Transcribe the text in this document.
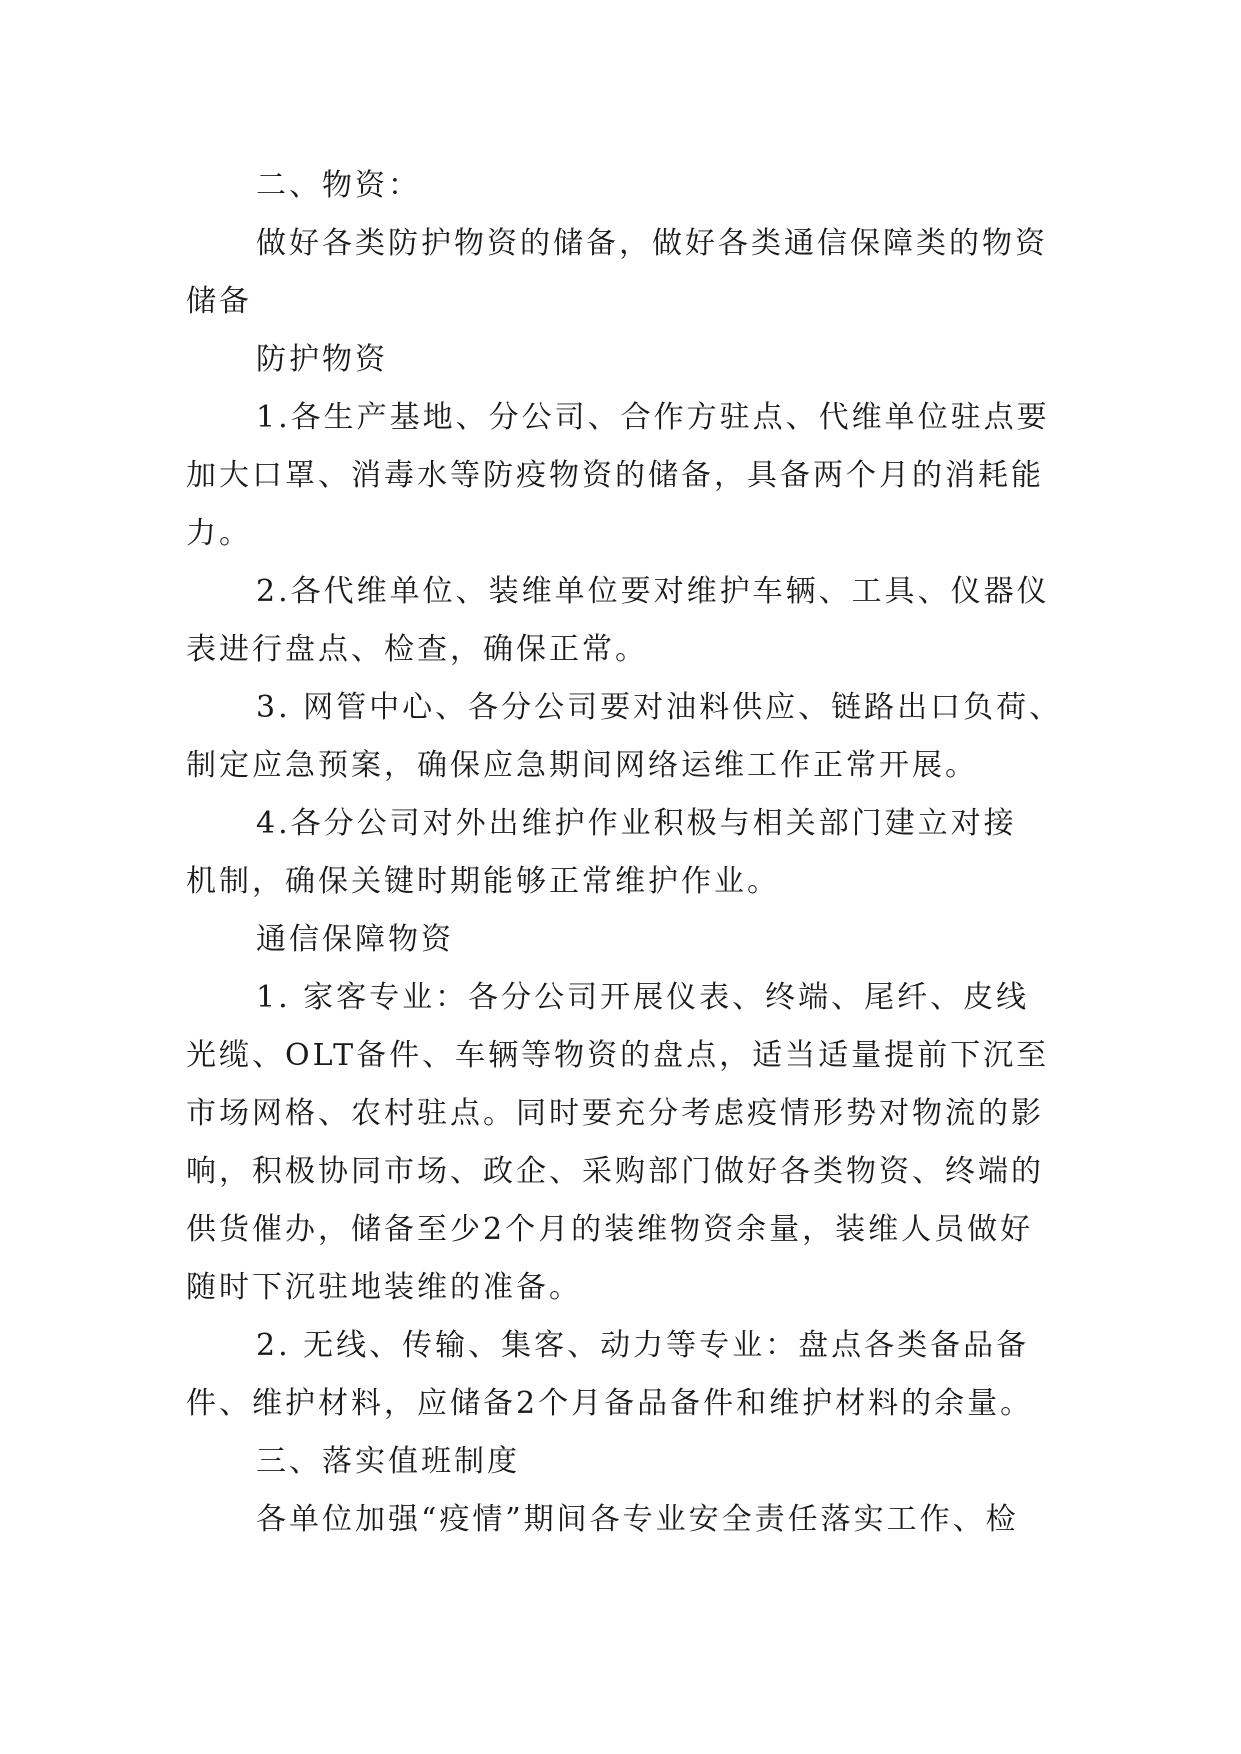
二、物资：
做好各类防护物资的储备，做好各类通信保障类的物资
储备
防护物资
1.各生产基地、分公司、合作方驻点、代维单位驻点要
加大口罩、消毒水等防疫物资的储备，具备两个月的消耗能
力。
2.各代维单位、装维单位要对维护车辆、工具、仪器仪
表进行盘点、检查，确保正常。
3. 网管中心、各分公司要对油料供应、链路出口负荷、
制定应急预案，确保应急期间网络运维工作正常开展。
4.各分公司对外出维护作业积极与相关部门建立对接
机制，确保关键时期能够正常维护作业。
通信保障物资
1. 家客专业：各分公司开展仪表、终端、尾纤、皮线
光缆、OLT备件、车辆等物资的盘点，适当适量提前下沉至
市场网格、农村驻点。同时要充分考虑疫情形势对物流的影
响，积极协同市场、政企、采购部门做好各类物资、终端的
供货催办，储备至少2个月的装维物资余量，装维人员做好
随时下沉驻地装维的准备。
2. 无线、传输、集客、动力等专业：盘点各类备品备
件、维护材料，应储备2个月备品备件和维护材料的余量。
三、落实值班制度
各单位加强“疫情”期间各专业安全责任落实工作、检
